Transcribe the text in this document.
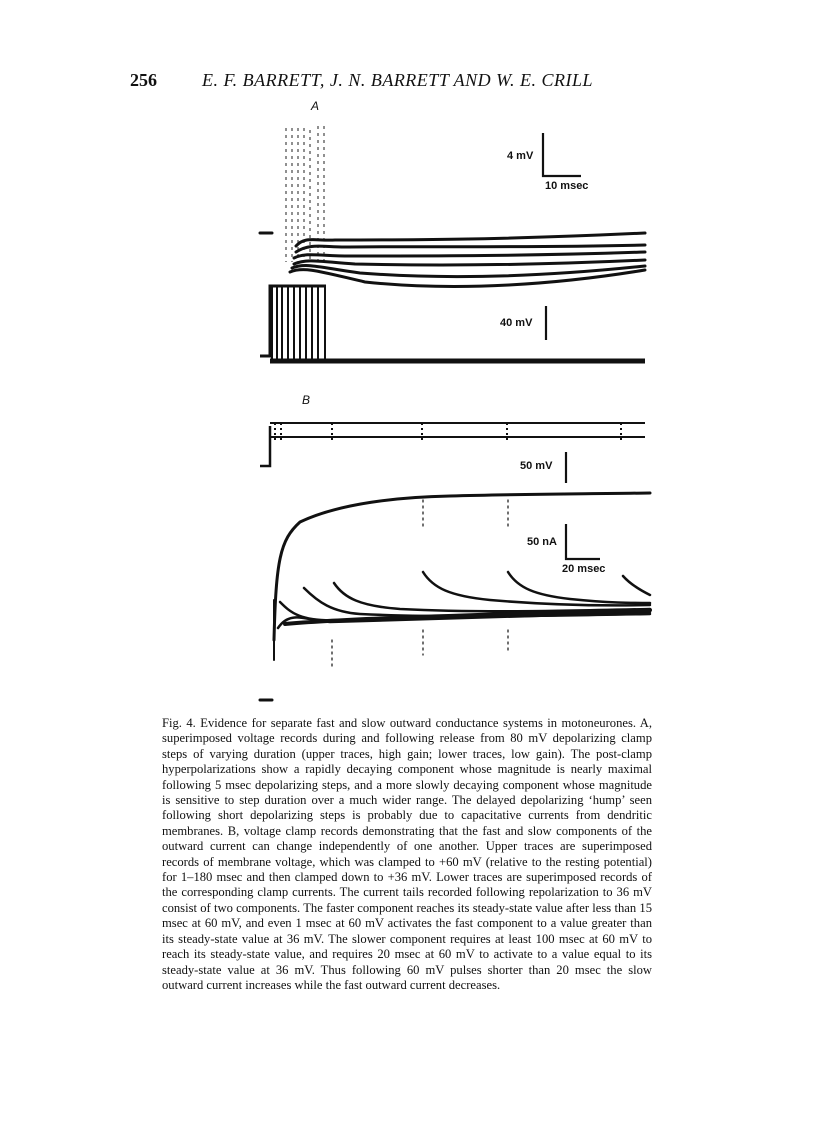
256	E. F. BARRETT, J. N. BARRETT AND W. E. CRILL
A
B
4 mV
10 msec
40 mV
50 mV
50 nA
20 msec
Fig. 4. Evidence for separate fast and slow outward conductance systems in motoneurones. A, superimposed voltage records during and following release from 80 mV depolarizing clamp steps of varying duration (upper traces, high gain; lower traces, low gain). The post-clamp hyperpolarizations show a rapidly decaying component whose magnitude is nearly maximal following 5 msec depolarizing steps, and a more slowly decaying component whose magnitude is sensitive to step duration over a much wider range. The delayed depolarizing ‘hump’ seen following short depolarizing steps is probably due to capacitative currents from dendritic membranes. B, voltage clamp records demonstrating that the fast and slow components of the outward current can change independently of one another. Upper traces are superimposed records of membrane voltage, which was clamped to +60 mV (relative to the resting potential) for 1–180 msec and then clamped down to +36 mV. Lower traces are superimposed records of the corresponding clamp currents. The current tails recorded following repolarization to 36 mV consist of two components. The faster component reaches its steady-state value after less than 15 msec at 60 mV, and even 1 msec at 60 mV activates the fast component to a value greater than its steady-state value at 36 mV. The slower component requires at least 100 msec at 60 mV to reach its steady-state value, and requires 20 msec at 60 mV to activate to a value equal to its steady-state value at 36 mV. Thus following 60 mV pulses shorter than 20 msec the slow outward current increases while the fast outward current decreases.
